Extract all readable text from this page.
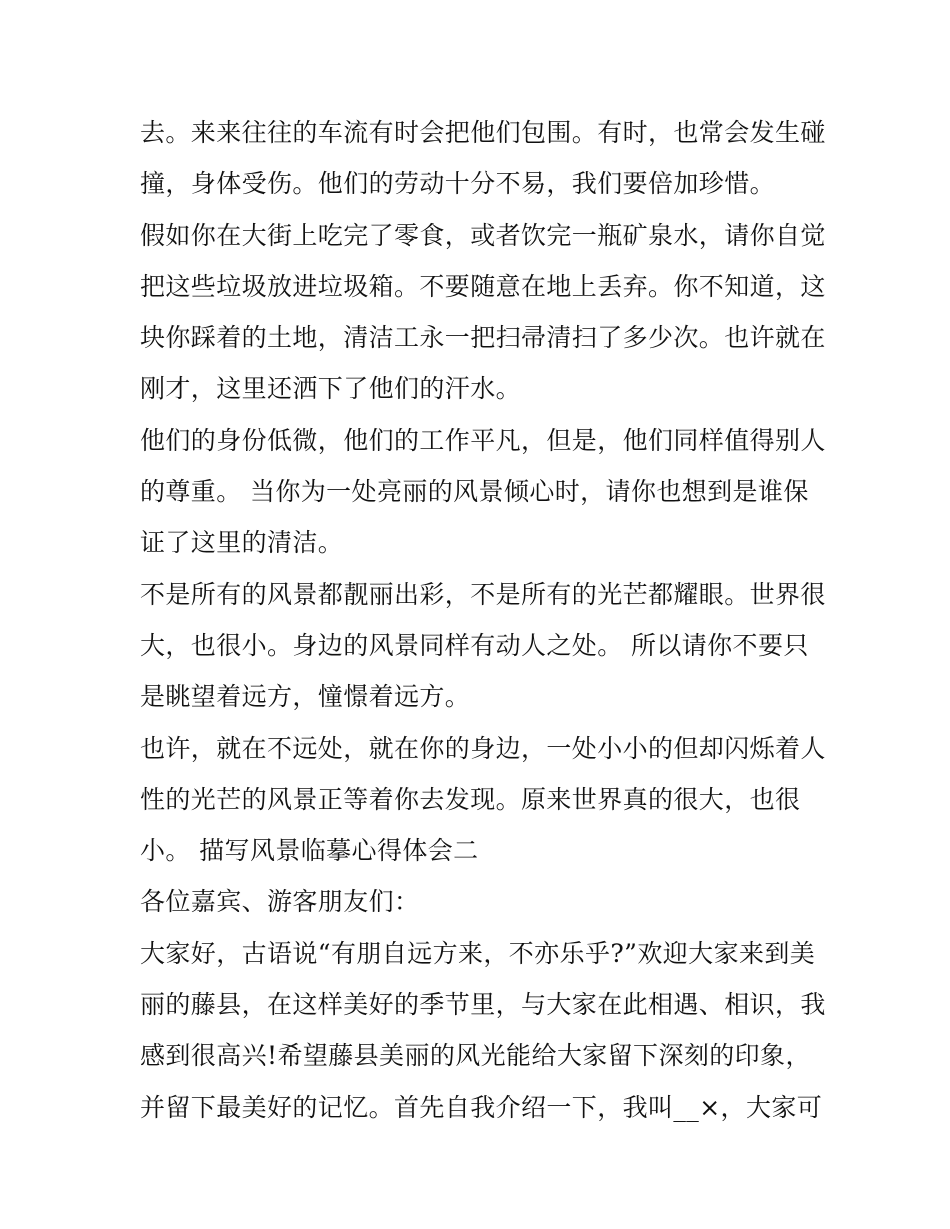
去。来来往往的车流有时会把他们包围。有时，也常会发生碰
撞，身体受伤。他们的劳动十分不易，我们要倍加珍惜。
假如你在大街上吃完了零食，或者饮完一瓶矿泉水，请你自觉
把这些垃圾放进垃圾箱。不要随意在地上丢弃。你不知道，这
块你踩着的土地，清洁工永一把扫帚清扫了多少次。也许就在
刚才，这里还洒下了他们的汗水。
他们的身份低微，他们的工作平凡，但是，他们同样值得别人
的尊重。 当你为一处亮丽的风景倾心时，请你也想到是谁保
证了这里的清洁。
不是所有的风景都靓丽出彩，不是所有的光芒都耀眼。世界很
大，也很小。身边的风景同样有动人之处。 所以请你不要只
是眺望着远方，憧憬着远方。
也许，就在不远处，就在你的身边，一处小小的但却闪烁着人
性的光芒的风景正等着你去发现。原来世界真的很大，也很
小。 描写风景临摹心得体会二
各位嘉宾、游客朋友们：
大家好，古语说“有朋自远方来，不亦乐乎?”欢迎大家来到美
丽的藤县，在这样美好的季节里，与大家在此相遇、相识，我
感到很高兴!希望藤县美丽的风光能给大家留下深刻的印象，
并留下最美好的记忆。首先自我介绍一下，我叫__×，大家可
